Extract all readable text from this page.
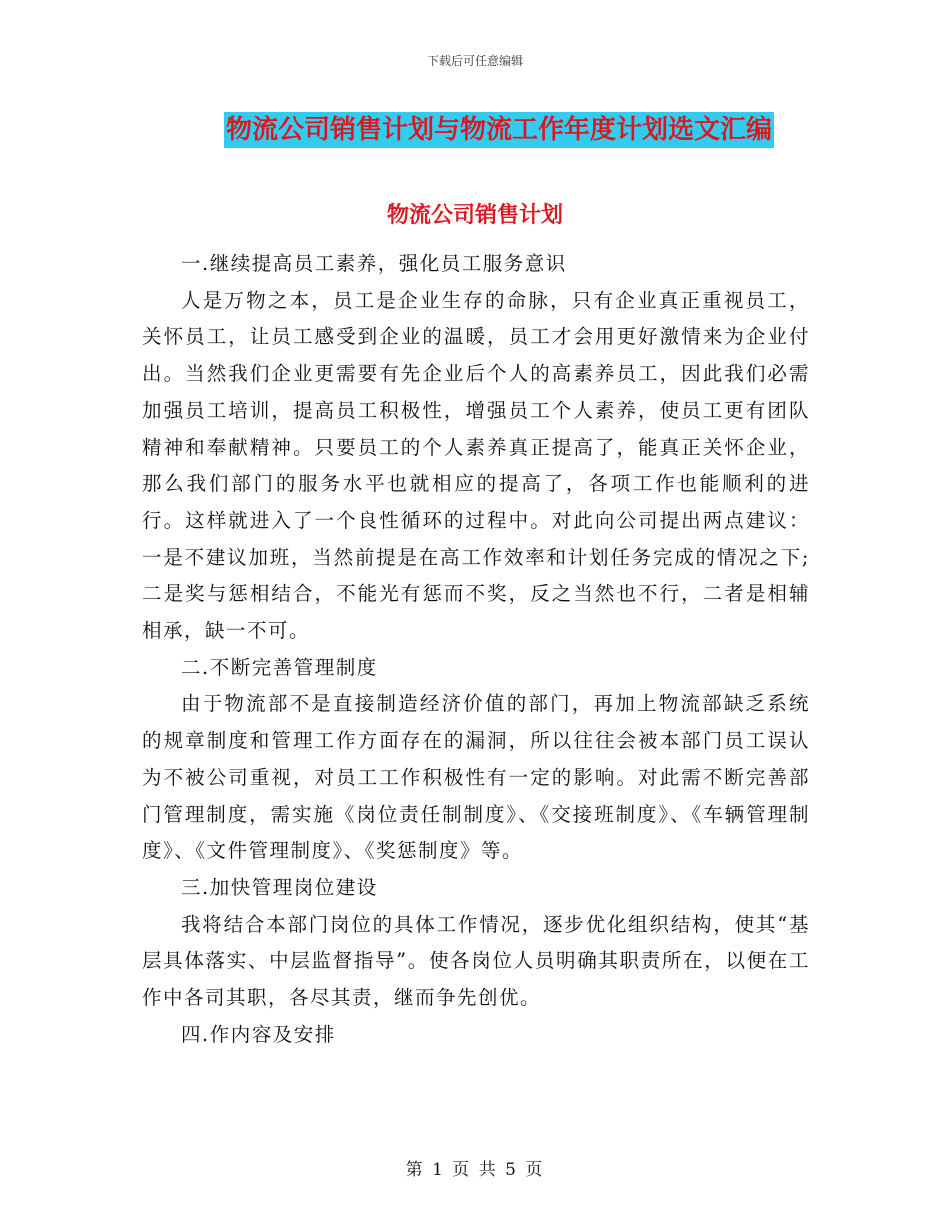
下载后可任意编辑
物流公司销售计划与物流工作年度计划选文汇编
物流公司销售计划

一.继续提高员工素养，强化员工服务意识

人是万物之本，员工是企业生存的命脉，只有企业真正重视员工，关怀员工，让员工感受到企业的温暖，员工才会用更好激情来为企业付出。当然我们企业更需要有先企业后个人的高素养员工，因此我们必需加强员工培训，提高员工积极性，增强员工个人素养，使员工更有团队精神和奉献精神。只要员工的个人素养真正提高了，能真正关怀企业，那么我们部门的服务水平也就相应的提高了，各项工作也能顺利的进行。这样就进入了一个良性循环的过程中。对此向公司提出两点建议：一是不建议加班，当然前提是在高工作效率和计划任务完成的情况之下;二是奖与惩相结合，不能光有惩而不奖，反之当然也不行，二者是相辅相承，缺一不可。

二.不断完善管理制度

由于物流部不是直接制造经济价值的部门，再加上物流部缺乏系统的规章制度和管理工作方面存在的漏洞，所以往往会被本部门员工误认为不被公司重视，对员工工作积极性有一定的影响。对此需不断完善部门管理制度，需实施《岗位责任制制度》、《交接班制度》、《车辆管理制度》、《文件管理制度》、《奖惩制度》等。

三.加快管理岗位建设

我将结合本部门岗位的具体工作情况，逐步优化组织结构，使其“基层具体落实、中层监督指导”。使各岗位人员明确其职责所在，以便在工作中各司其职，各尽其责，继而争先创优。

四.作内容及安排

第 1 页 共 5 页
